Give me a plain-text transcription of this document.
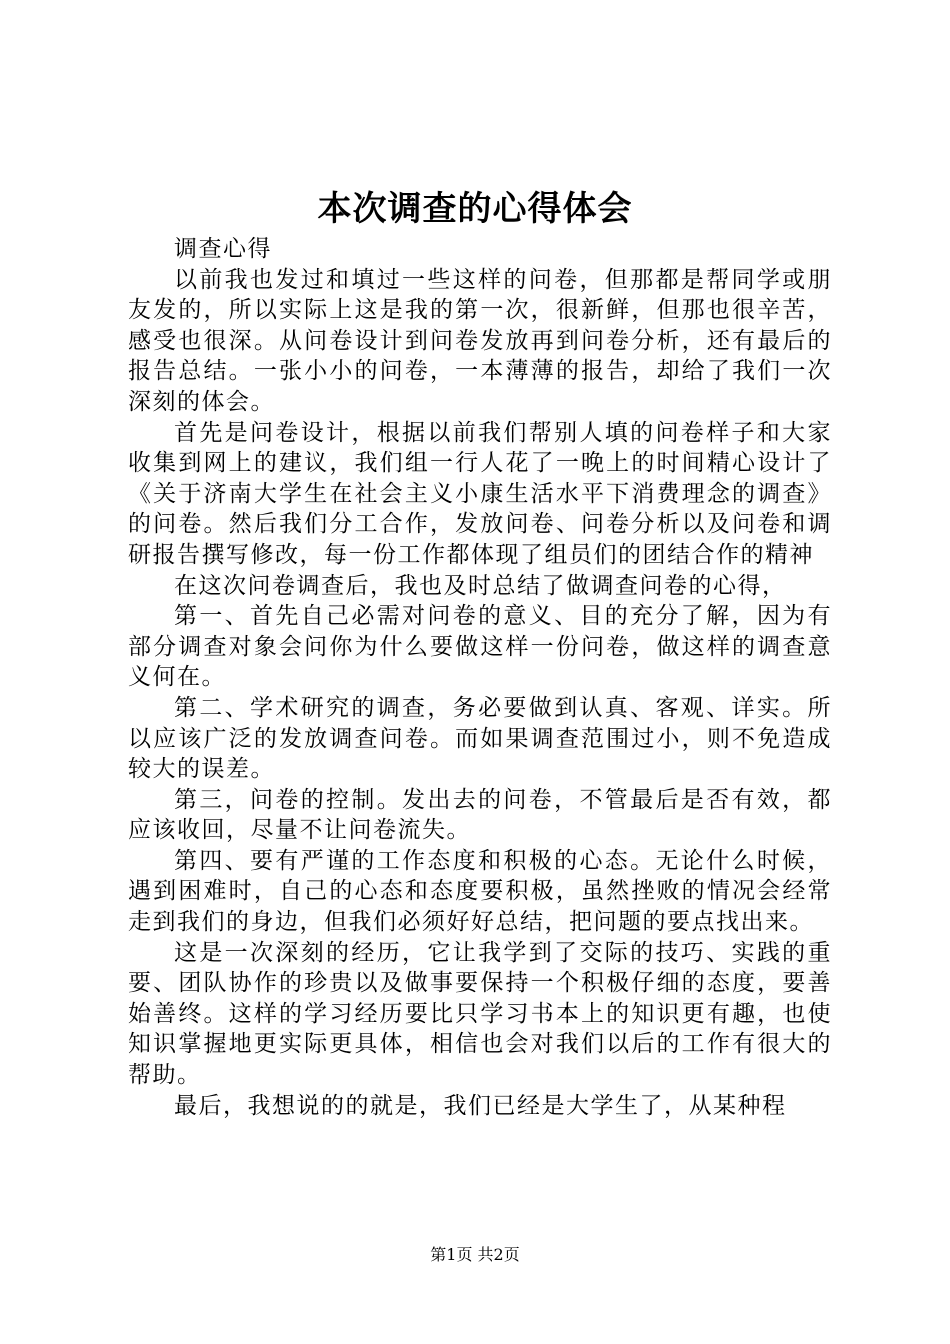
本次调查的心得体会

调查心得

以前我也发过和填过一些这样的问卷，但那都是帮同学或朋友发的，所以实际上这是我的第一次，很新鲜，但那也很辛苦，感受也很深。从问卷设计到问卷发放再到问卷分析，还有最后的报告总结。一张小小的问卷，一本薄薄的报告，却给了我们一次深刻的体会。

首先是问卷设计，根据以前我们帮别人填的问卷样子和大家收集到网上的建议，我们组一行人花了一晚上的时间精心设计了《关于济南大学生在社会主义小康生活水平下消费理念的调查》的问卷。然后我们分工合作，发放问卷、问卷分析以及问卷和调研报告撰写修改，每一份工作都体现了组员们的团结合作的精神

在这次问卷调查后，我也及时总结了做调查问卷的心得，

第一、首先自己必需对问卷的意义、目的充分了解，因为有部分调查对象会问你为什么要做这样一份问卷，做这样的调查意义何在。

第二、学术研究的调查，务必要做到认真、客观、详实。所以应该广泛的发放调查问卷。而如果调查范围过小，则不免造成较大的误差。

第三，问卷的控制。发出去的问卷，不管最后是否有效，都应该收回，尽量不让问卷流失。

第四、要有严谨的工作态度和积极的心态。无论什么时候，遇到困难时，自己的心态和态度要积极，虽然挫败的情况会经常走到我们的身边，但我们必须好好总结，把问题的要点找出来。

这是一次深刻的经历，它让我学到了交际的技巧、实践的重要、团队协作的珍贵以及做事要保持一个积极仔细的态度，要善始善终。这样的学习经历要比只学习书本上的知识更有趣，也使知识掌握地更实际更具体，相信也会对我们以后的工作有很大的帮助。

最后，我想说的的就是，我们已经是大学生了，从某种程

第1页 共2页
